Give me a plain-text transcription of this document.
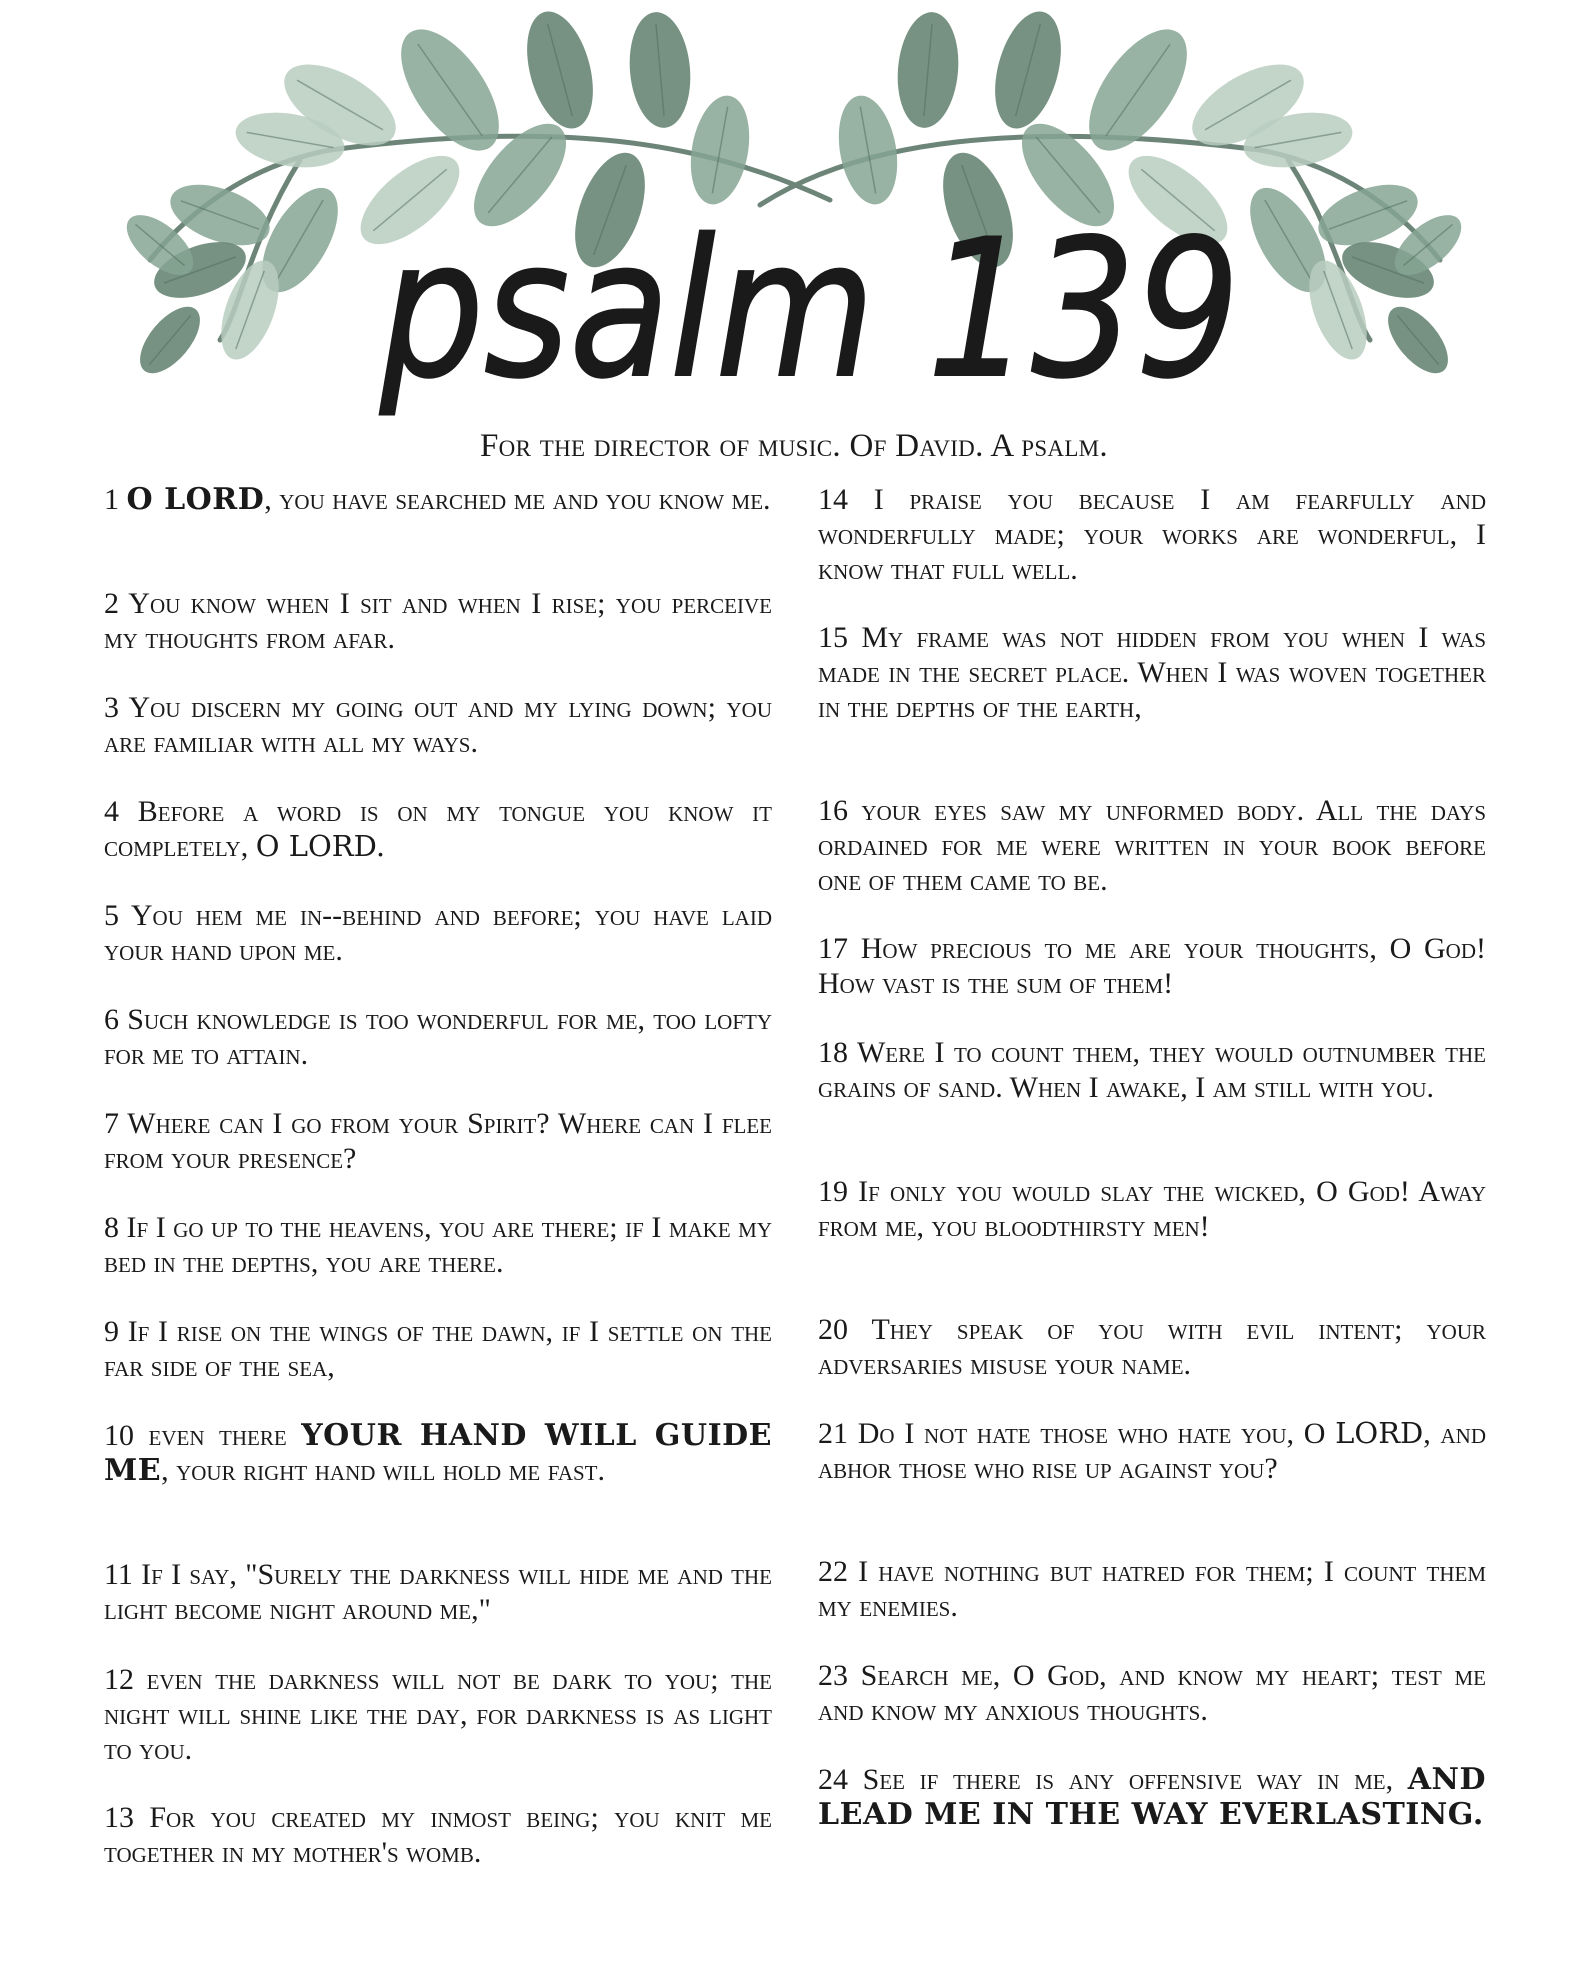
psalm 139
For the director of music. Of David. A psalm.

1 O LORD, you have searched me and you know me.

2 You know when I sit and when I rise; you perceive my thoughts from afar.

3 You discern my going out and my lying down; you are familiar with all my ways.

4 Before a word is on my tongue you know it completely, O LORD.

5 You hem me in--behind and before; you have laid your hand upon me.

6 Such knowledge is too wonderful for me, too lofty for me to attain.

7 Where can I go from your Spirit? Where can I flee from your presence?

8 If I go up to the heavens, you are there; if I make my bed in the depths, you are there.

9 If I rise on the wings of the dawn, if I settle on the far side of the sea,

10 even there YOUR HAND WILL GUIDE ME, your right hand will hold me fast.

11 If I say, "Surely the darkness will hide me and the light become night around me,"

12 even the darkness will not be dark to you; the night will shine like the day, for darkness is as light to you.

13 For you created my inmost being; you knit me together in my mother's womb.

14 I praise you because I am fearfully and wonderfully made; your works are wonderful, I know that full well.

15 My frame was not hidden from you when I was made in the secret place. When I was woven together in the depths of the earth,

16 your eyes saw my unformed body. All the days ordained for me were written in your book before one of them came to be.

17 How precious to me are your thoughts, O God! How vast is the sum of them!

18 Were I to count them, they would outnumber the grains of sand. When I awake, I am still with you.

19 If only you would slay the wicked, O God! Away from me, you bloodthirsty men!

20 They speak of you with evil intent; your adversaries misuse your name.

21 Do I not hate those who hate you, O LORD, and abhor those who rise up against you?

22 I have nothing but hatred for them; I count them my enemies.

23 Search me, O God, and know my heart; test me and know my anxious thoughts.

24 See if there is any offensive way in me, AND LEAD ME IN THE WAY EVERLASTING.
